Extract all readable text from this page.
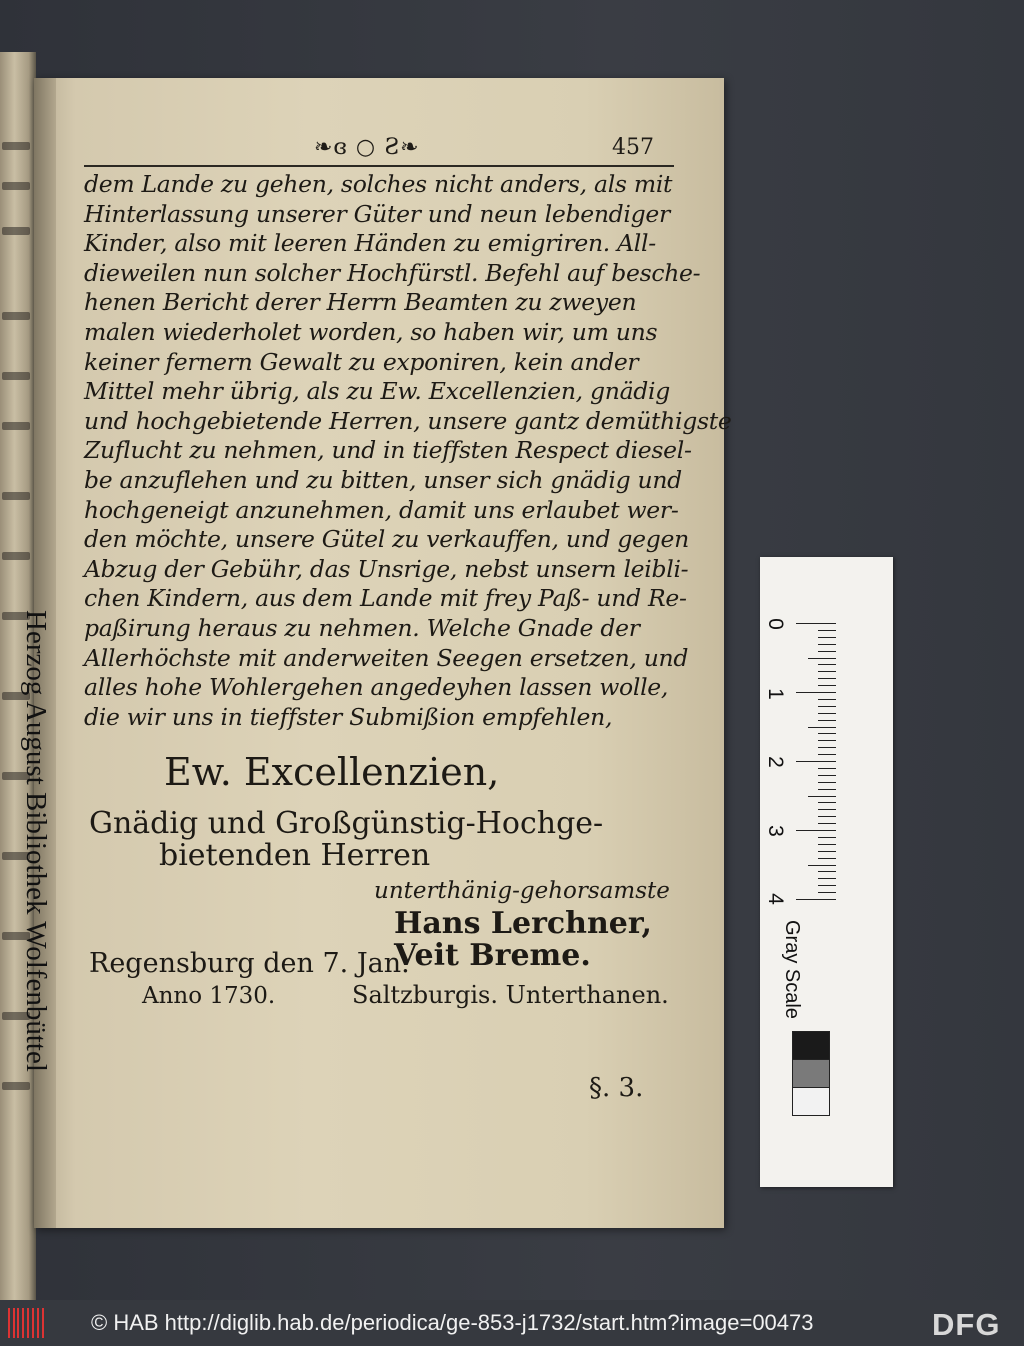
❧ɞ ○ Ƨ❧	457
dem Lande zu gehen, solches nicht anders, als mit
Hinterlassung unserer Güter und neun lebendiger
Kinder, also mit leeren Händen zu emigriren. All-
dieweilen nun solcher Hochfürstl. Befehl auf besche-
henen Bericht derer Herrn Beamten zu zweyen
malen wiederholet worden, so haben wir, um uns
keiner fernern Gewalt zu exponiren, kein ander
Mittel mehr übrig, als zu Ew. Excellenzien, gnädig
und hochgebietende Herren, unsere gantz demüthigste
Zuflucht zu nehmen, und in tieffsten Respect diesel-
be anzuflehen und zu bitten, unser sich gnädig und
hochgeneigt anzunehmen, damit uns erlaubet wer-
den möchte, unsere Gütel zu verkauffen, und gegen
Abzug der Gebühr, das Unsrige, nebst unsern leibli-
chen Kindern, aus dem Lande mit frey Paß- und Re-
paßirung heraus zu nehmen. Welche Gnade der
Allerhöchste mit anderweiten Seegen ersetzen, und
alles hohe Wohlergehen angedeyhen lassen wolle,
die wir uns in tieffster Submißion empfehlen,
Ew. Excellenzien,
Gnädig und Großgünstig-Hochge-
bietenden Herren
unterthänig-gehorsamste
Hans Lerchner,
Regensburg den 7. Jan.
Veit Breme.
Anno 1730.	Saltzburgis. Unterthanen.
§. 3.
0
1
2
3
4
Herzog August Bibliothek Wolfenbüttel	Gray Scale
© HAB http://diglib.hab.de/periodica/ge-853-j1732/start.htm?image=00473	DFG
